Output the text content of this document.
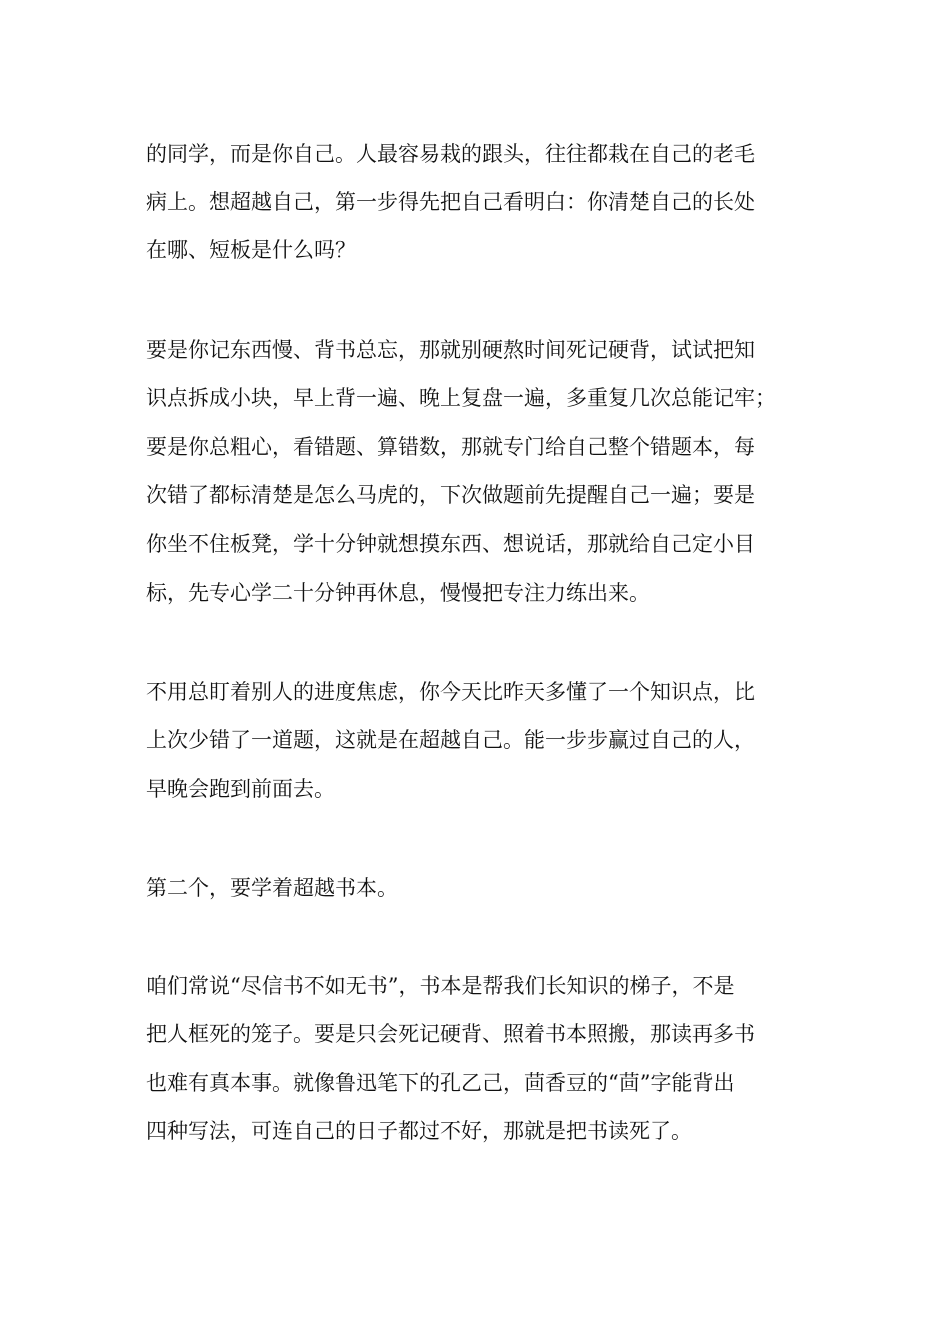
的同学，而是你自己。人最容易栽的跟头，往往都栽在自己的老毛

病上。想超越自己，第一步得先把自己看明白：你清楚自己的长处

在哪、短板是什么吗？

要是你记东西慢、背书总忘，那就别硬熬时间死记硬背，试试把知

识点拆成小块，早上背一遍、晚上复盘一遍，多重复几次总能记牢；

要是你总粗心，看错题、算错数，那就专门给自己整个错题本，每

次错了都标清楚是怎么马虎的，下次做题前先提醒自己一遍；要是

你坐不住板凳，学十分钟就想摸东西、想说话，那就给自己定小目

标，先专心学二十分钟再休息，慢慢把专注力练出来。

不用总盯着别人的进度焦虑，你今天比昨天多懂了一个知识点，比

上次少错了一道题，这就是在超越自己。能一步步赢过自己的人，

早晚会跑到前面去。

第二个，要学着超越书本。

咱们常说“尽信书不如无书”，书本是帮我们长知识的梯子，不是

把人框死的笼子。要是只会死记硬背、照着书本照搬，那读再多书

也难有真本事。就像鲁迅笔下的孔乙己，茴香豆的“茴”字能背出

四种写法，可连自己的日子都过不好，那就是把书读死了。
